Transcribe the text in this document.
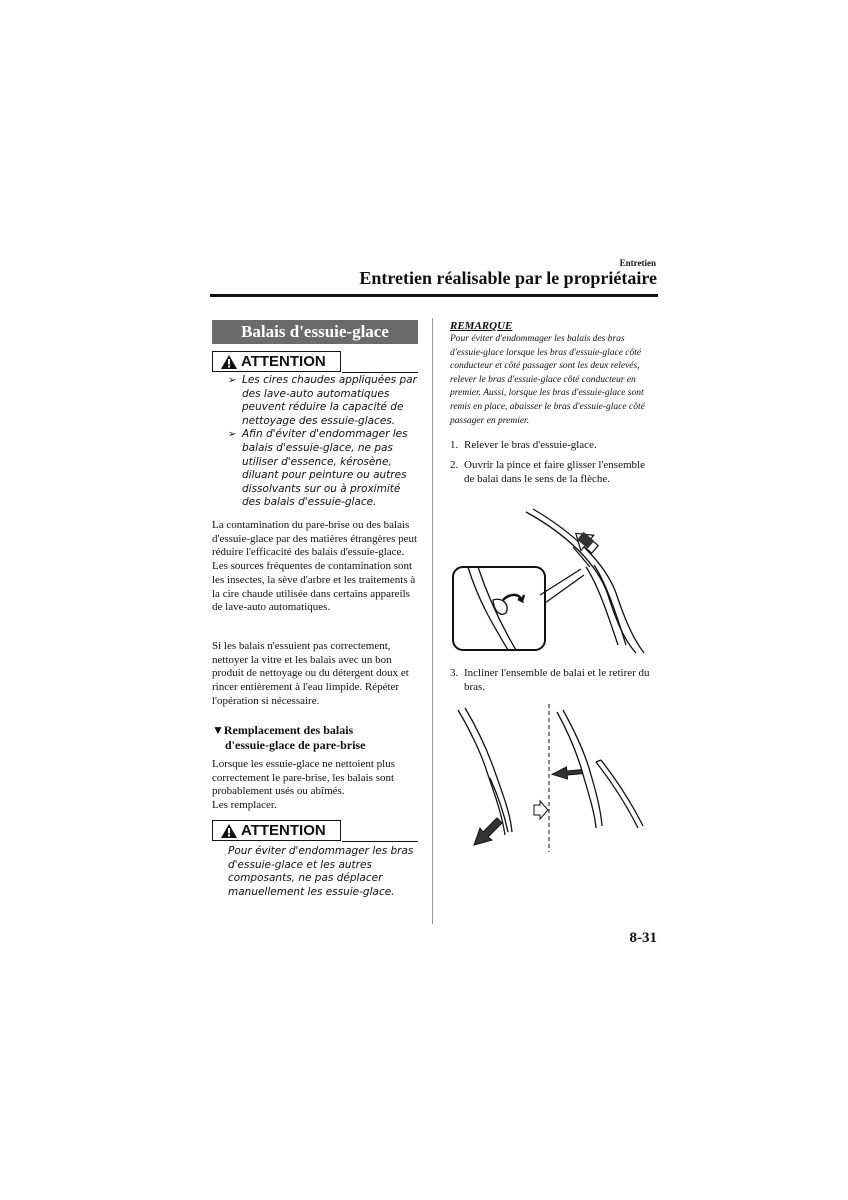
Entretien
Entretien réalisable par le propriétaire
Balais d'essuie-glace
ATTENTION
➢ Les cires chaudes appliquées par des lave-auto automatiques peuvent réduire la capacité de nettoyage des essuie-glaces.
➢ Afin d'éviter d'endommager les balais d'essuie-glace, ne pas utiliser d'essence, kérosène, diluant pour peinture ou autres dissolvants sur ou à proximité des balais d'essuie-glace.
La contamination du pare-brise ou des balais d'essuie-glace par des matières étrangères peut réduire l'efficacité des balais d'essuie-glace. Les sources fréquentes de contamination sont les insectes, la sève d'arbre et les traitements à la cire chaude utilisée dans certains appareils de lave-auto automatiques.
Si les balais n'essuient pas correctement, nettoyer la vitre et les balais avec un bon produit de nettoyage ou du détergent doux et rincer entièrement à l'eau limpide. Répéter l'opération si nécessaire.
▼Remplacement des balais
d'essuie-glace de pare-brise
Lorsque les essuie-glace ne nettoient plus correctement le pare-brise, les balais sont probablement usés ou abîmés.
Les remplacer.
ATTENTION
Pour éviter d'endommager les bras d'essuie-glace et les autres composants, ne pas déplacer manuellement les essuie-glace.
REMARQUE
Pour éviter d'endommager les balais des bras d'essuie-glace lorsque les bras d'essuie-glace côté conducteur et côté passager sont les deux relevés, relever le bras d'essuie-glace côté conducteur en premier. Aussi, lorsque les bras d'essuie-glace sont remis en place, abaisser le bras d'essuie-glace côté passager en premier.
1. Relever le bras d'essuie-glace.
2. Ouvrir la pince et faire glisser l'ensemble de balai dans le sens de la flèche.
3. Incliner l'ensemble de balai et le retirer du bras.
8-31
